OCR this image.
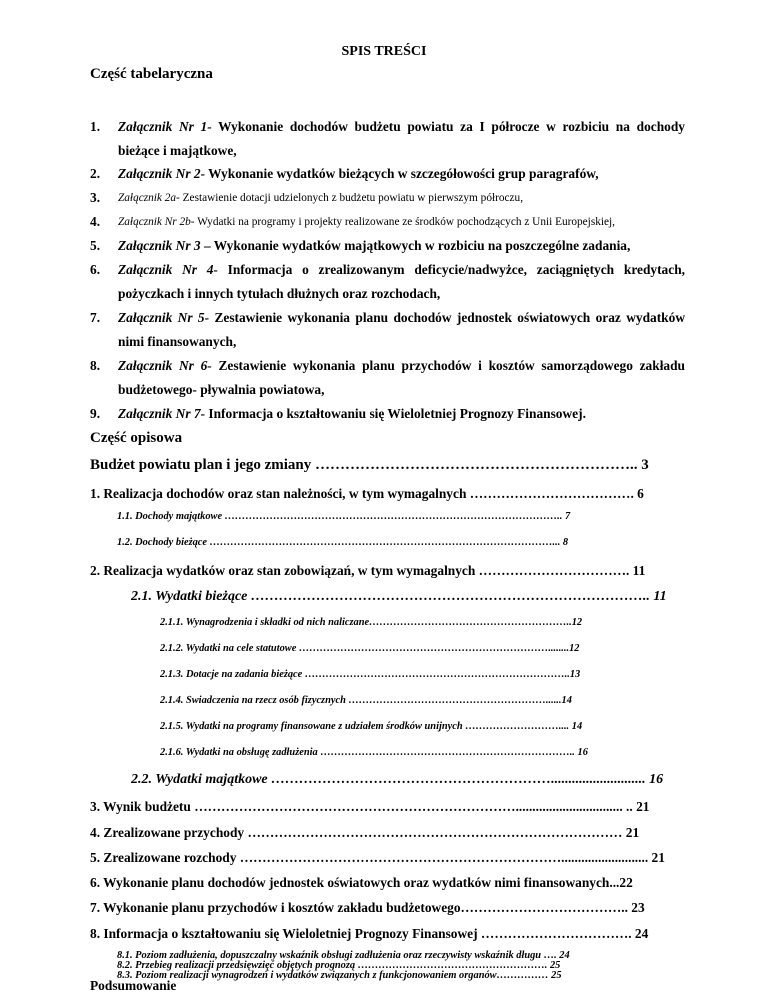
SPIS TREŚCI
Część tabelaryczna
1. Załącznik Nr 1- Wykonanie dochodów budżetu powiatu za I półrocze w rozbiciu na dochody bieżące i majątkowe,
2. Załącznik Nr 2- Wykonanie wydatków bieżących w szczegółowości grup paragrafów,
3. Załącznik 2a- Zestawienie dotacji udzielonych z budżetu powiatu w pierwszym półroczu,
4. Załącznik Nr 2b- Wydatki na programy i projekty realizowane ze środków pochodzących z Unii Europejskiej,
5. Załącznik Nr 3 – Wykonanie wydatków majątkowych w rozbiciu na poszczególne zadania,
6. Załącznik Nr 4- Informacja o zrealizowanym deficycie/nadwyżce, zaciągniętych kredytach, pożyczkach i innych tytułach dłużnych oraz rozchodach,
7. Załącznik Nr 5- Zestawienie wykonania planu dochodów jednostek oświatowych oraz wydatków nimi finansowanych,
8. Załącznik Nr 6- Zestawienie wykonania planu przychodów i kosztów samorządowego zakładu budżetowego- pływalnia powiatowa,
9. Załącznik Nr 7- Informacja o kształtowaniu się Wieloletniej Prognozy Finansowej.
Część opisowa
Budżet powiatu plan i jego zmiany ……………………………………………………….. 3
1. Realizacja dochodów oraz stan należności, w tym wymagalnych ………………………………. 6
1.1. Dochody majątkowe …………………………………………………………………………………….. 7
1.2. Dochody bieżące ………………………………………………………………………………………... 8
2. Realizacja wydatków oraz stan zobowiązań, w tym wymagalnych ……………………………. 11
2.1. Wydatki bieżące ………………………………………………………………………….. 11
2.1.1. Wynagrodzenia i składki od nich naliczane…………………………………………………..12
2.1.2. Wydatki na cele statutowe ………………………………………………………………........12
2.1.3. Dotacje na zadania bieżące …………………………………………………………………..13
2.1.4. Świadczenia na rzecz osób fizycznych …………………………………………………......14
2.1.5. Wydatki na programy finansowane z udziałem środków unijnych ……………………….... 14
2.1.6. Wydatki na obsługę zadłużenia ……………………………………………………………….. 16
2.2. Wydatki majątkowe ……………………………………………………........................... 16
3. Wynik budżetu ………………………………………………………………................................ .. 21
4. Zrealizowane przychody ………………………………………………………………………… 21
5. Zrealizowane rozchody ……………………………………………………………….......................... 21
6. Wykonanie planu dochodów jednostek oświatowych oraz wydatków nimi finansowanych...22
7. Wykonanie planu przychodów i kosztów zakładu budżetowego……………………………….. 23
8. Informacja o kształtowaniu się Wieloletniej Prognozy Finansowej ……………………………. 24
8.1. Poziom zadłużenia, dopuszczalny wskaźnik obsługi zadłużenia oraz rzeczywisty wskaźnik długu …. 24
8.2. Przebieg realizacji przedsięwzięć objętych prognozą ………………………………………………. 25
8.3. Poziom realizacji wynagrodzeń i wydatków związanych z funkcjonowaniem organów…………… 25
Podsumowanie
